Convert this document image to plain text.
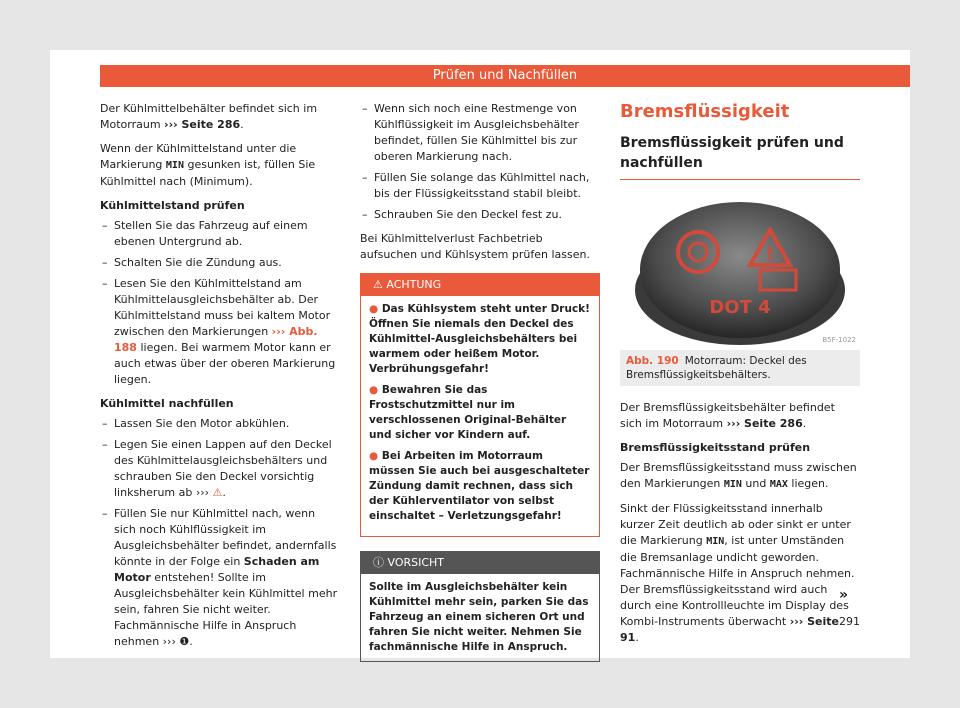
Prüfen und Nachfüllen

Der Kühlmittelbehälter befindet sich im Motorraum ››› Seite 286.

Wenn der Kühlmittelstand unter die Markierung MIN gesunken ist, füllen Sie Kühlmittel nach (Minimum).

Kühlmittelstand prüfen
– Stellen Sie das Fahrzeug auf einem ebenen Untergrund ab.
– Schalten Sie die Zündung aus.
– Lesen Sie den Kühlmittelstand am Kühlmittelausgleichsbehälter ab. Der Kühlmittelstand muss bei kaltem Motor zwischen den Markierungen ››› Abb. 188 liegen. Bei warmem Motor kann er auch etwas über der oberen Markierung liegen.
Kühlmittel nachfüllen
– Lassen Sie den Motor abkühlen.
– Legen Sie einen Lappen auf den Deckel des Kühlmittelausgleichsbehälters und schrauben Sie den Deckel vorsichtig linksherum ab ››› ⚠.
– Füllen Sie nur Kühlmittel nach, wenn sich noch Kühlflüssigkeit im Ausgleichsbehälter befindet, andernfalls könnte in der Folge ein Schaden am Motor entstehen! Sollte im Ausgleichsbehälter kein Kühlmittel mehr sein, fahren Sie nicht weiter. Fachmännische Hilfe in Anspruch nehmen ››› ❶.
– Wenn sich noch eine Restmenge von Kühlflüssigkeit im Ausgleichsbehälter befindet, füllen Sie Kühlmittel bis zur oberen Markierung nach.
– Füllen Sie solange das Kühlmittel nach, bis der Flüssigkeitsstand stabil bleibt.
– Schrauben Sie den Deckel fest zu.

Bei Kühlmittelverlust Fachbetrieb aufsuchen und Kühlsystem prüfen lassen.

⚠ ACHTUNG

● Das Kühlsystem steht unter Druck! Öffnen Sie niemals den Deckel des Kühlmittel-Ausgleichsbehälters bei warmem oder heißem Motor. Verbrühungsgefahr!

● Bewahren Sie das Frostschutzmittel nur im verschlossenen Original-Behälter und sicher vor Kindern auf.

● Bei Arbeiten im Motorraum müssen Sie auch bei ausgeschalteter Zündung damit rechnen, dass sich der Kühlerventilator von selbst einschaltet – Verletzungsgefahr!

ⓘ VORSICHT
Sollte im Ausgleichsbehälter kein Kühlmittel mehr sein, parken Sie das Fahrzeug an einem sicheren Ort und fahren Sie nicht weiter. Nehmen Sie fachmännische Hilfe in Anspruch.
Bremsflüssigkeit
Bremsflüssigkeit prüfen und nachfüllen
!
DOT 4
B5F-1022
Abb. 190 Motorraum: Deckel des Bremsflüssigkeitsbehälters.

Der Bremsflüssigkeitsbehälter befindet sich im Motorraum ››› Seite 286.

Bremsflüssigkeitsstand prüfen

Der Bremsflüssigkeitsstand muss zwischen den Markierungen MIN und MAX liegen.

Sinkt der Flüssigkeitsstand innerhalb kurzer Zeit deutlich ab oder sinkt er unter die Markierung MIN, ist unter Umständen die Bremsanlage undicht geworden. Fachmännische Hilfe in Anspruch nehmen. Der Bremsflüssigkeitsstand wird auch durch eine Kontrollleuchte im Display des Kombi-Instruments überwacht ››› Seite 91.

»
291
